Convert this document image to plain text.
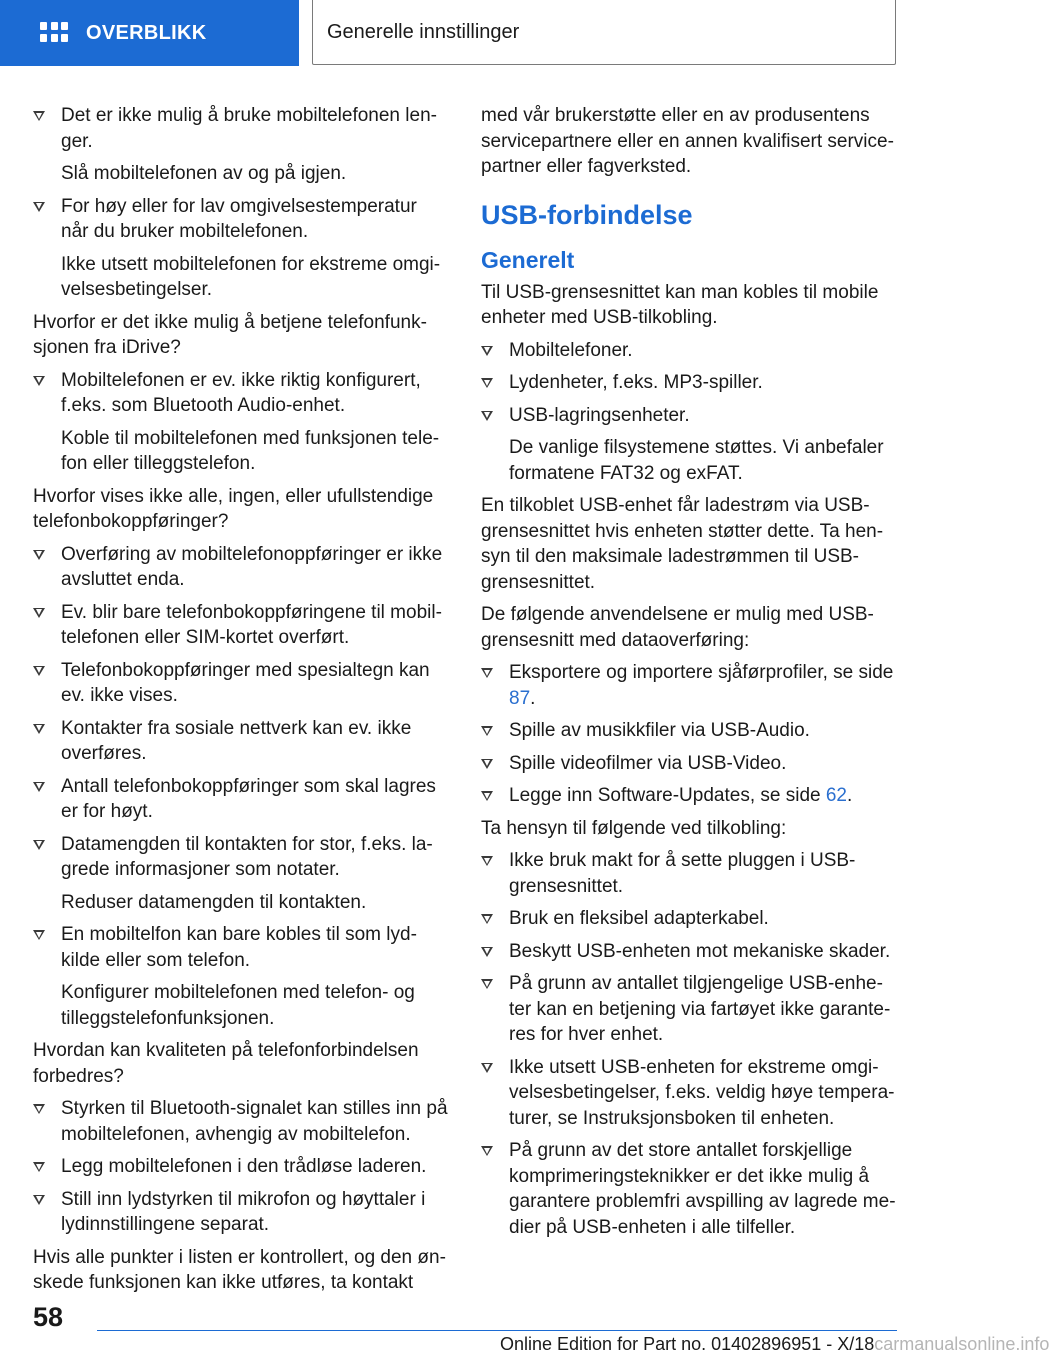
OVERBLIKK	Generelle innstillinger
Det er ikke mulig å bruke mobiltelefonen lenger.
Slå mobiltelefonen av og på igjen.
For høy eller for lav omgivelsestemperatur når du bruker mobiltelefonen.
Ikke utsett mobiltelefonen for ekstreme omgivelsesbetingelser.
Hvorfor er det ikke mulig å betjene telefonfunksjonen fra iDrive?
Mobiltelefonen er ev. ikke riktig konfigurert, f.eks. som Bluetooth Audio-enhet.
Koble til mobiltelefonen med funksjonen telefon eller tilleggstelefon.
Hvorfor vises ikke alle, ingen, eller ufullstendige telefonbokoppføringer?
Overføring av mobiltelefonoppføringer er ikke avsluttet enda.
Ev. blir bare telefonbokoppføringene til mobiltelefonen eller SIM-kortet overført.
Telefonbokoppføringer med spesialtegn kan ev. ikke vises.
Kontakter fra sosiale nettverk kan ev. ikke overføres.
Antall telefonbokoppføringer som skal lagres er for høyt.
Datamengden til kontakten for stor, f.eks. lagrede informasjoner som notater.
Reduser datamengden til kontakten.
En mobiltelfon kan bare kobles til som lydkilde eller som telefon.
Konfigurer mobiltelefonen med telefon- og tilleggstelefonfunksjonen.
Hvordan kan kvaliteten på telefonforbindelsen forbedres?
Styrken til Bluetooth-signalet kan stilles inn på mobiltelefonen, avhengig av mobiltelefon.
Legg mobiltelefonen i den trådløse laderen.
Still inn lydstyrken til mikrofon og høyttaler i lydinnstillingene separat.
Hvis alle punkter i listen er kontrollert, og den ønskede funksjonen kan ikke utføres, ta kontakt
med vår brukerstøtte eller en av produsentens servicepartnere eller en annen kvalifisert servicepartner eller fagverksted.
USB-forbindelse
Generelt
Til USB-grensesnittet kan man kobles til mobile enheter med USB-tilkobling.
Mobiltelefoner.
Lydenheter, f.eks. MP3-spiller.
USB-lagringsenheter.
De vanlige filsystemene støttes. Vi anbefaler formatene FAT32 og exFAT.
En tilkoblet USB-enhet får ladestrøm via USB-grensesnittet hvis enheten støtter dette. Ta hensyn til den maksimale ladestrømmen til USB-grensesnittet.
De følgende anvendelsene er mulig med USB-grensesnitt med dataoverføring:
Eksportere og importere sjåførprofiler, se side 87.
Spille av musikkfiler via USB-Audio.
Spille videofilmer via USB-Video.
Legge inn Software-Updates, se side 62.
Ta hensyn til følgende ved tilkobling:
Ikke bruk makt for å sette pluggen i USB-grensesnittet.
Bruk en fleksibel adapterkabel.
Beskytt USB-enheten mot mekaniske skader.
På grunn av antallet tilgjengelige USB-enheter kan en betjening via fartøyet ikke garanteres for hver enhet.
Ikke utsett USB-enheten for ekstreme omgivelsesbetingelser, f.eks. veldig høye temperaturer, se Instruksjonsboken til enheten.
På grunn av det store antallet forskjellige komprimeringsteknikker er det ikke mulig å garantere problemfri avspilling av lagrede medier på USB-enheten i alle tilfeller.
58
Online Edition for Part no. 01402896951 - X/18carmanualsonline.info
